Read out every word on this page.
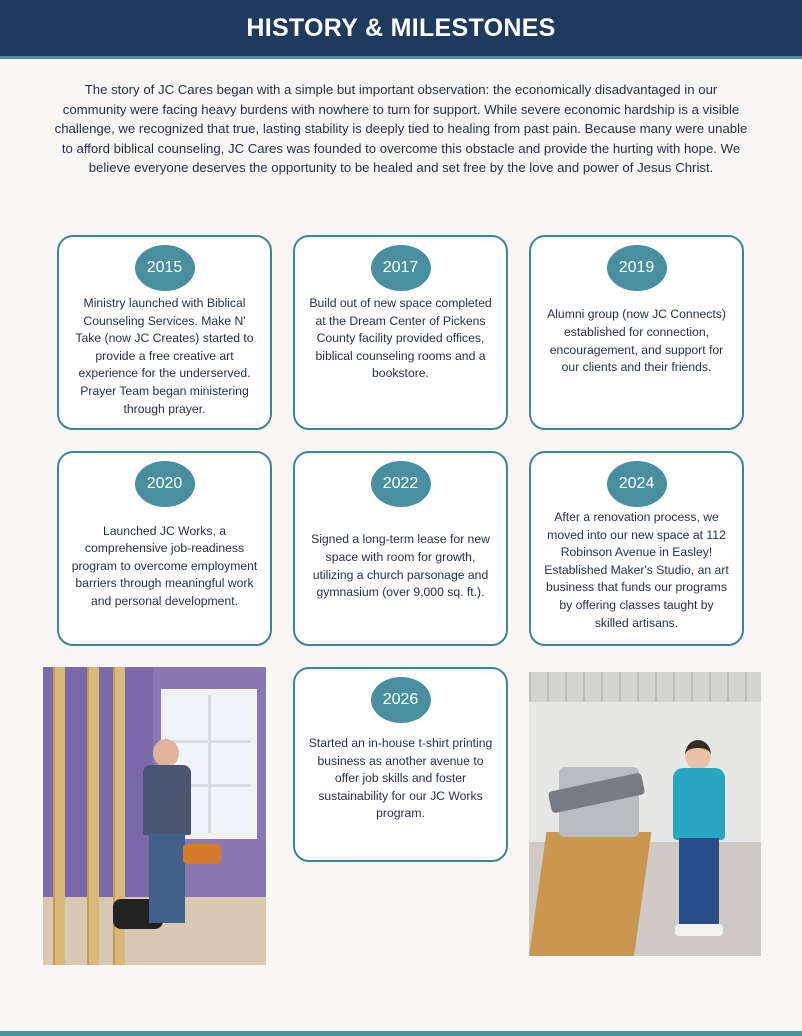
HISTORY & MILESTONES

The story of JC Cares began with a simple but important observation: the economically disadvantaged in our community were facing heavy burdens with nowhere to turn for support. While severe economic hardship is a visible challenge, we recognized that true, lasting stability is deeply tied to healing from past pain. Because many were unable to afford biblical counseling, JC Cares was founded to overcome this obstacle and provide the hurting with hope. We believe everyone deserves the opportunity to be healed and set free by the love and power of Jesus Christ.

2015
Ministry launched with Biblical Counseling Services. Make N' Take (now JC Creates) started to provide a free creative art experience for the underserved. Prayer Team began ministering through prayer.
2017
Build out of new space completed at the Dream Center of Pickens County facility provided offices, biblical counseling rooms and a bookstore.
2019
Alumni group (now JC Connects) established for connection, encouragement, and support for our clients and their friends.
2020
Launched JC Works, a comprehensive job-readiness program to overcome employment barriers through meaningful work and personal development.
2022
Signed a long-term lease for new space with room for growth, utilizing a church parsonage and gymnasium (over 9,000 sq. ft.).
2024
After a renovation process, we moved into our new space at 112 Robinson Avenue in Easley! Established Maker's Studio, an art business that funds our programs by offering classes taught by skilled artisans.
2026
Started an in-house t-shirt printing business as another avenue to offer job skills and foster sustainability for our JC Works program.
